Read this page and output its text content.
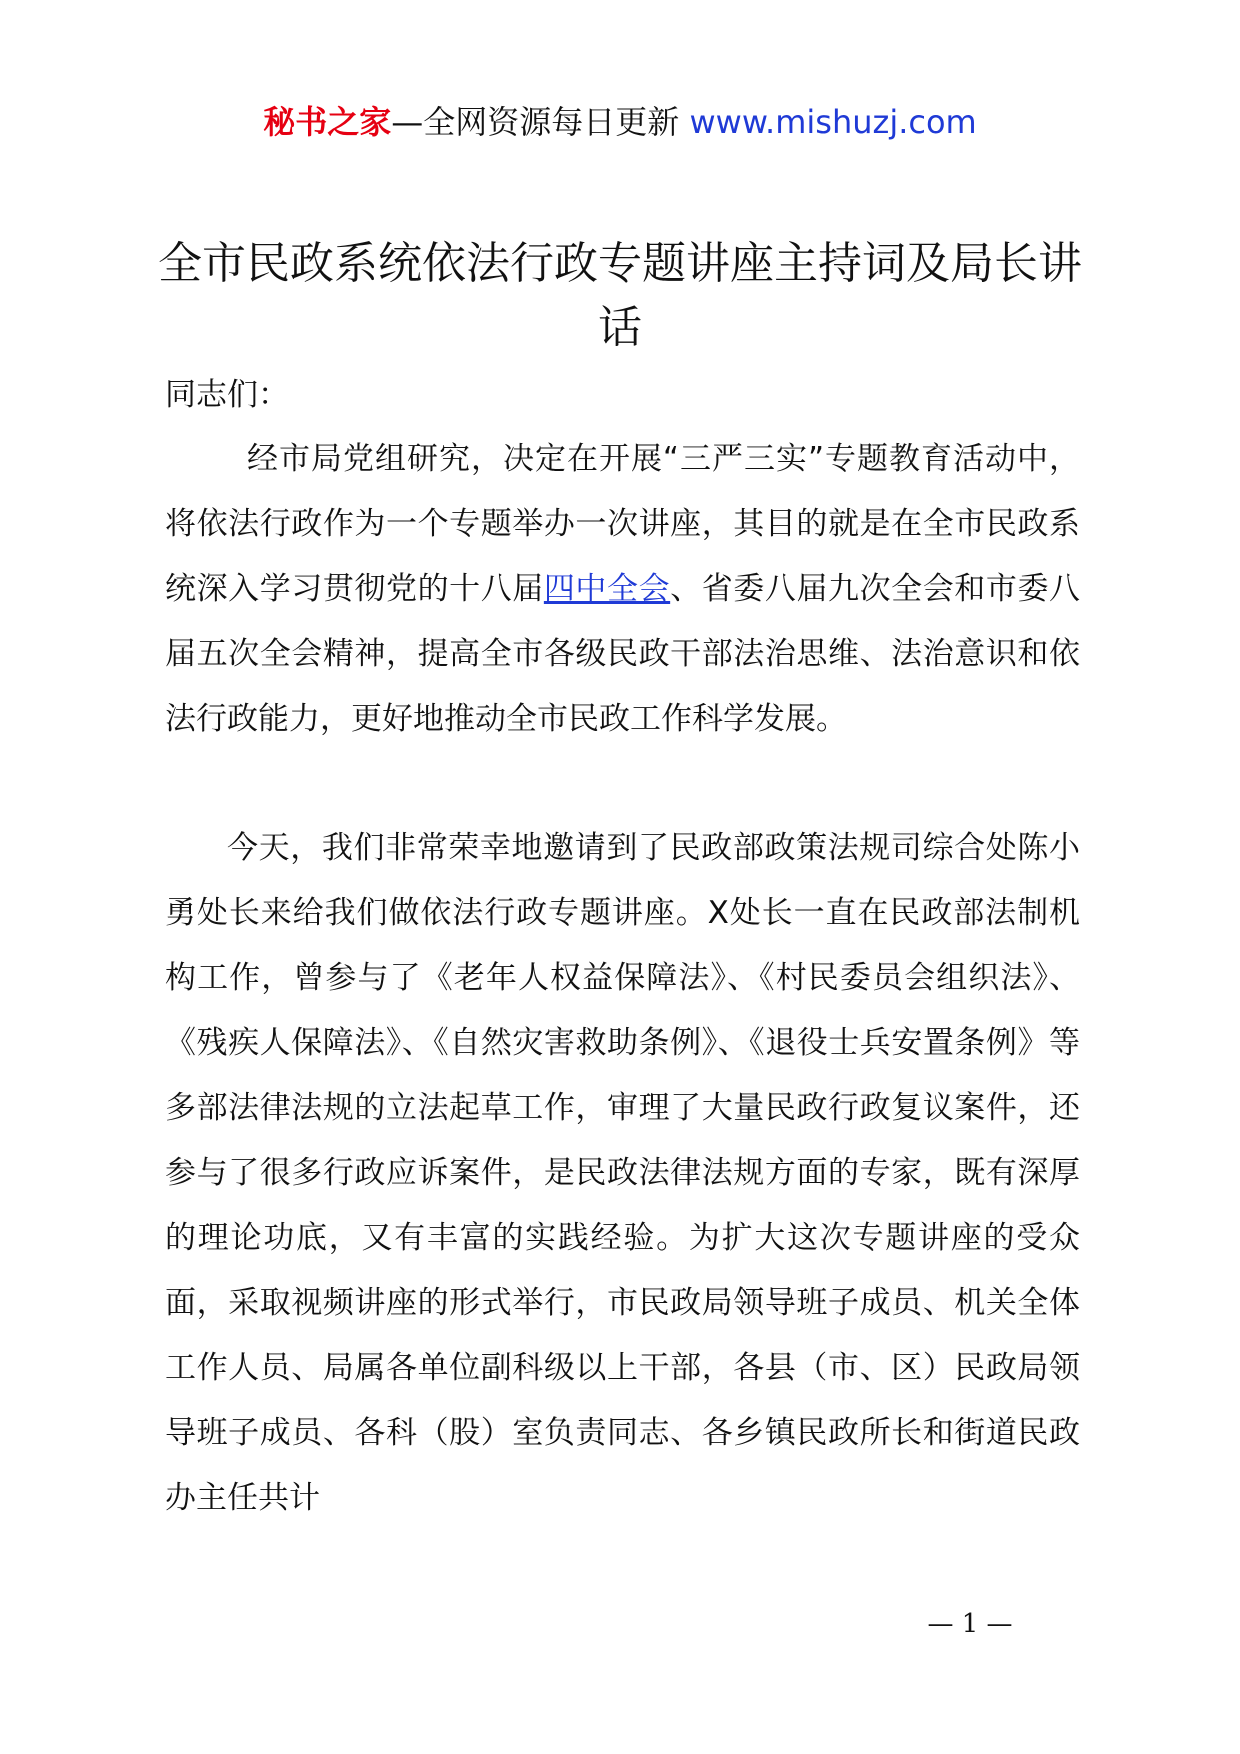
秘书之家—全网资源每日更新 www.mishuzj.com
全市民政系统依法行政专题讲座主持词及局长讲话

同志们：

经市局党组研究，决定在开展“三严三实”专题教育活动中，将依法行政作为一个专题举办一次讲座，其目的就是在全市民政系统深入学习贯彻党的十八届四中全会、省委八届九次全会和市委八届五次全会精神，提高全市各级民政干部法治思维、法治意识和依法行政能力，更好地推动全市民政工作科学发展。

今天，我们非常荣幸地邀请到了民政部政策法规司综合处陈小勇处长来给我们做依法行政专题讲座。X处长一直在民政部法制机构工作，曾参与了《老年人权益保障法》、《村民委员会组织法》、《残疾人保障法》、《自然灾害救助条例》、《退役士兵安置条例》等多部法律法规的立法起草工作，审理了大量民政行政复议案件，还参与了很多行政应诉案件，是民政法律法规方面的专家，既有深厚的理论功底，又有丰富的实践经验。为扩大这次专题讲座的受众面，采取视频讲座的形式举行，市民政局领导班子成员、机关全体工作人员、局属各单位副科级以上干部，各县（市、区）民政局领导班子成员、各科（股）室负责同志、各乡镇民政所长和街道民政办主任共计

— 1 —
